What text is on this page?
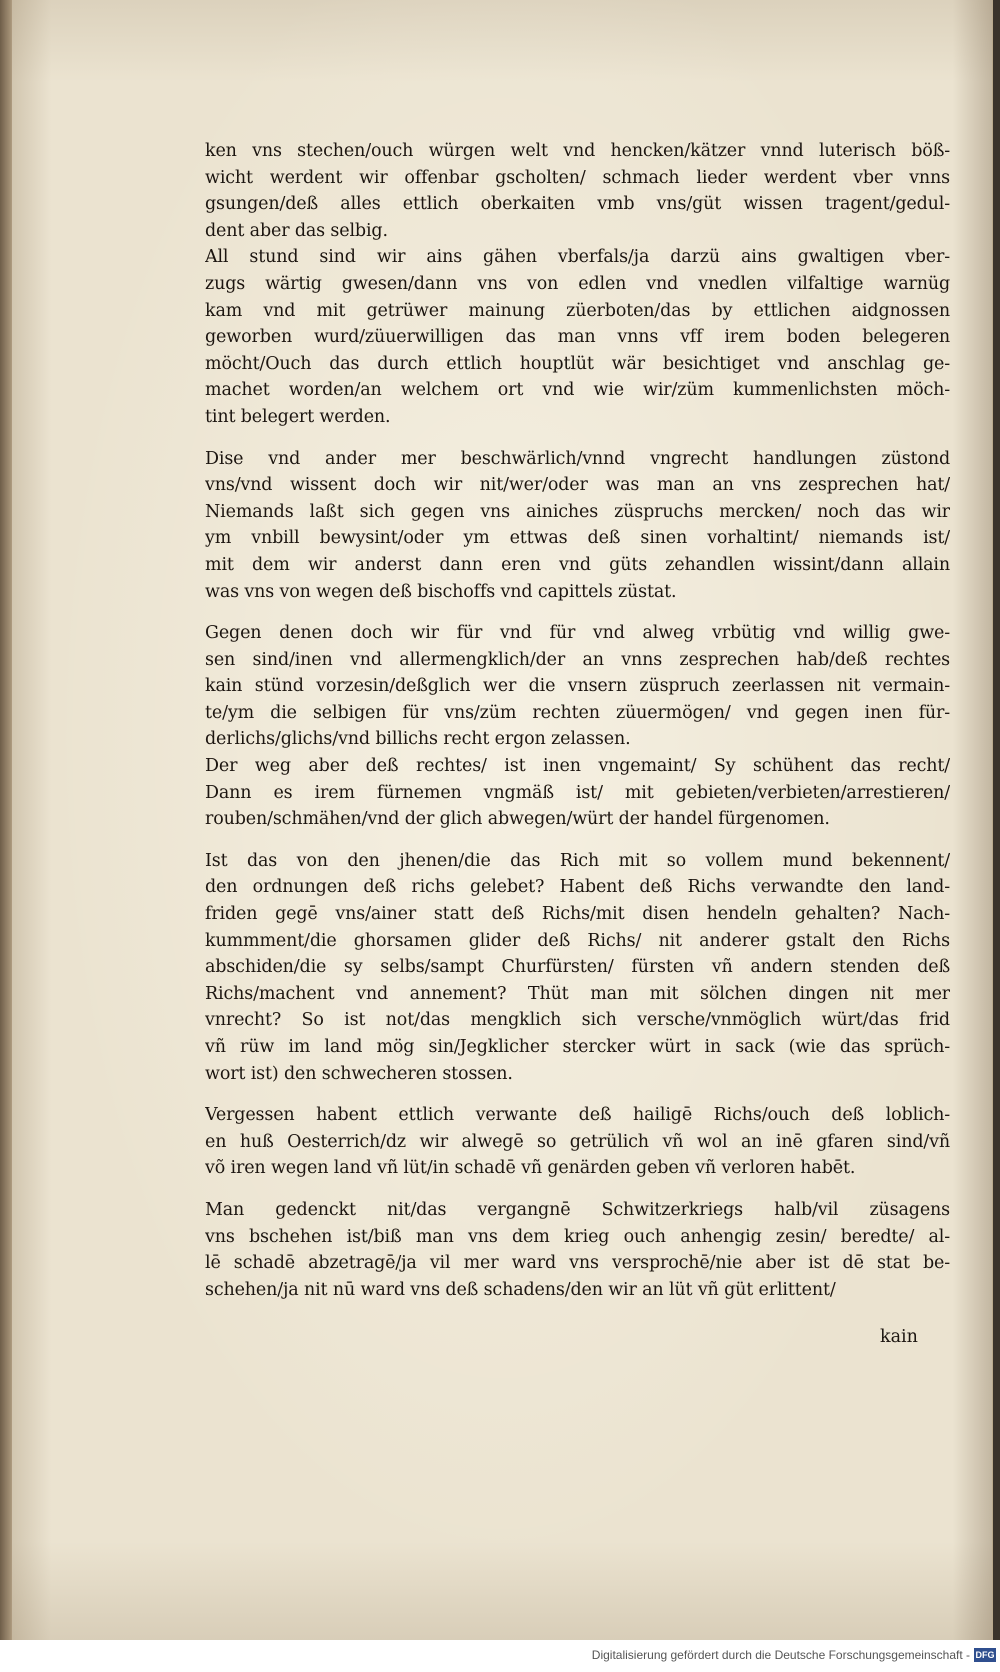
ken vns stechen/ouch würgen welt vnd hencken/kätzer vnnd luterisch böß-
wicht werdent wir offenbar gscholten/ schmach lieder werdent vber vnns
gsungen/deß alles ettlich oberkaiten vmb vns/güt wissen tragent/gedul-
dent aber das selbig.
All stund sind wir ains gähen vberfals/ja darzü ains gwaltigen vber-
zugs wärtig gwesen/dann vns von edlen vnd vnedlen vilfaltige warnüg
kam vnd mit getrüwer mainung züerboten/das by ettlichen aidgnossen
geworben wurd/züuerwilligen das man vnns vff irem boden belegeren
möcht/Ouch das durch ettlich houptlüt wär besichtiget vnd anschlag ge-
machet worden/an welchem ort vnd wie wir/züm kummenlichsten möch-
tint belegert werden.
Dise vnd ander mer beschwärlich/vnnd vngrecht handlungen züstond
vns/vnd wissent doch wir nit/wer/oder was man an vns zesprechen hat/
Niemands laßt sich gegen vns ainiches züspruchs mercken/ noch das wir
ym vnbill bewysint/oder ym ettwas deß sinen vorhaltint/ niemands ist/
mit dem wir anderst dann eren vnd güts zehandlen wissint/dann allain
was vns von wegen deß bischoffs vnd capittels züstat.
Gegen denen doch wir für vnd für vnd alweg vrbütig vnd willig gwe-
sen sind/inen vnd allermengklich/der an vnns zesprechen hab/deß rechtes
kain stünd vorzesin/deßglich wer die vnsern züspruch zeerlassen nit vermain-
te/ym die selbigen für vns/züm rechten züuermögen/ vnd gegen inen für-
derlichs/glichs/vnd billichs recht ergon zelassen.
Der weg aber deß rechtes/ ist inen vngemaint/ Sy schühent das recht/
Dann es irem fürnemen vngmäß ist/ mit gebieten/verbieten/arrestieren/
rouben/schmähen/vnd der glich abwegen/würt der handel fürgenomen.
Ist das von den jhenen/die das Rich mit so vollem mund bekennent/
den ordnungen deß richs gelebet? Habent deß Richs verwandte den land-
friden gegē vns/ainer statt deß Richs/mit disen hendeln gehalten? Nach-
kummment/die ghorsamen glider deß Richs/ nit anderer gstalt den Richs
abschiden/die sy selbs/sampt Churfürsten/ fürsten vñ andern stenden deß
Richs/machent vnd annement? Thüt man mit sölchen dingen nit mer
vnrecht? So ist not/das mengklich sich versche/vnmöglich würt/das frid
vñ rüw im land mög sin/Jegklicher stercker würt in sack (wie das sprüch-
wort ist) den schwecheren stossen.
Vergessen habent ettlich verwante deß hailigē Richs/ouch deß loblich-
en huß Oesterrich/dz wir alwegē so getrülich vñ wol an inē gfaren sind/vñ
võ iren wegen land vñ lüt/in schadē vñ genärden geben vñ verloren habēt.
Man gedenckt nit/das vergangnē Schwitzerkriegs halb/vil züsagens
vns bschehen ist/biß man vns dem krieg ouch anhengig zesin/ beredte/ al-
lē schadē abzetragē/ja vil mer ward vns versprochē/nie aber ist dē stat be-
schehen/ja nit nū ward vns deß schadens/den wir an lüt vñ güt erlittent/
kain
Digitalisierung gefördert durch die Deutsche Forschungsgemeinschaft - DFG
